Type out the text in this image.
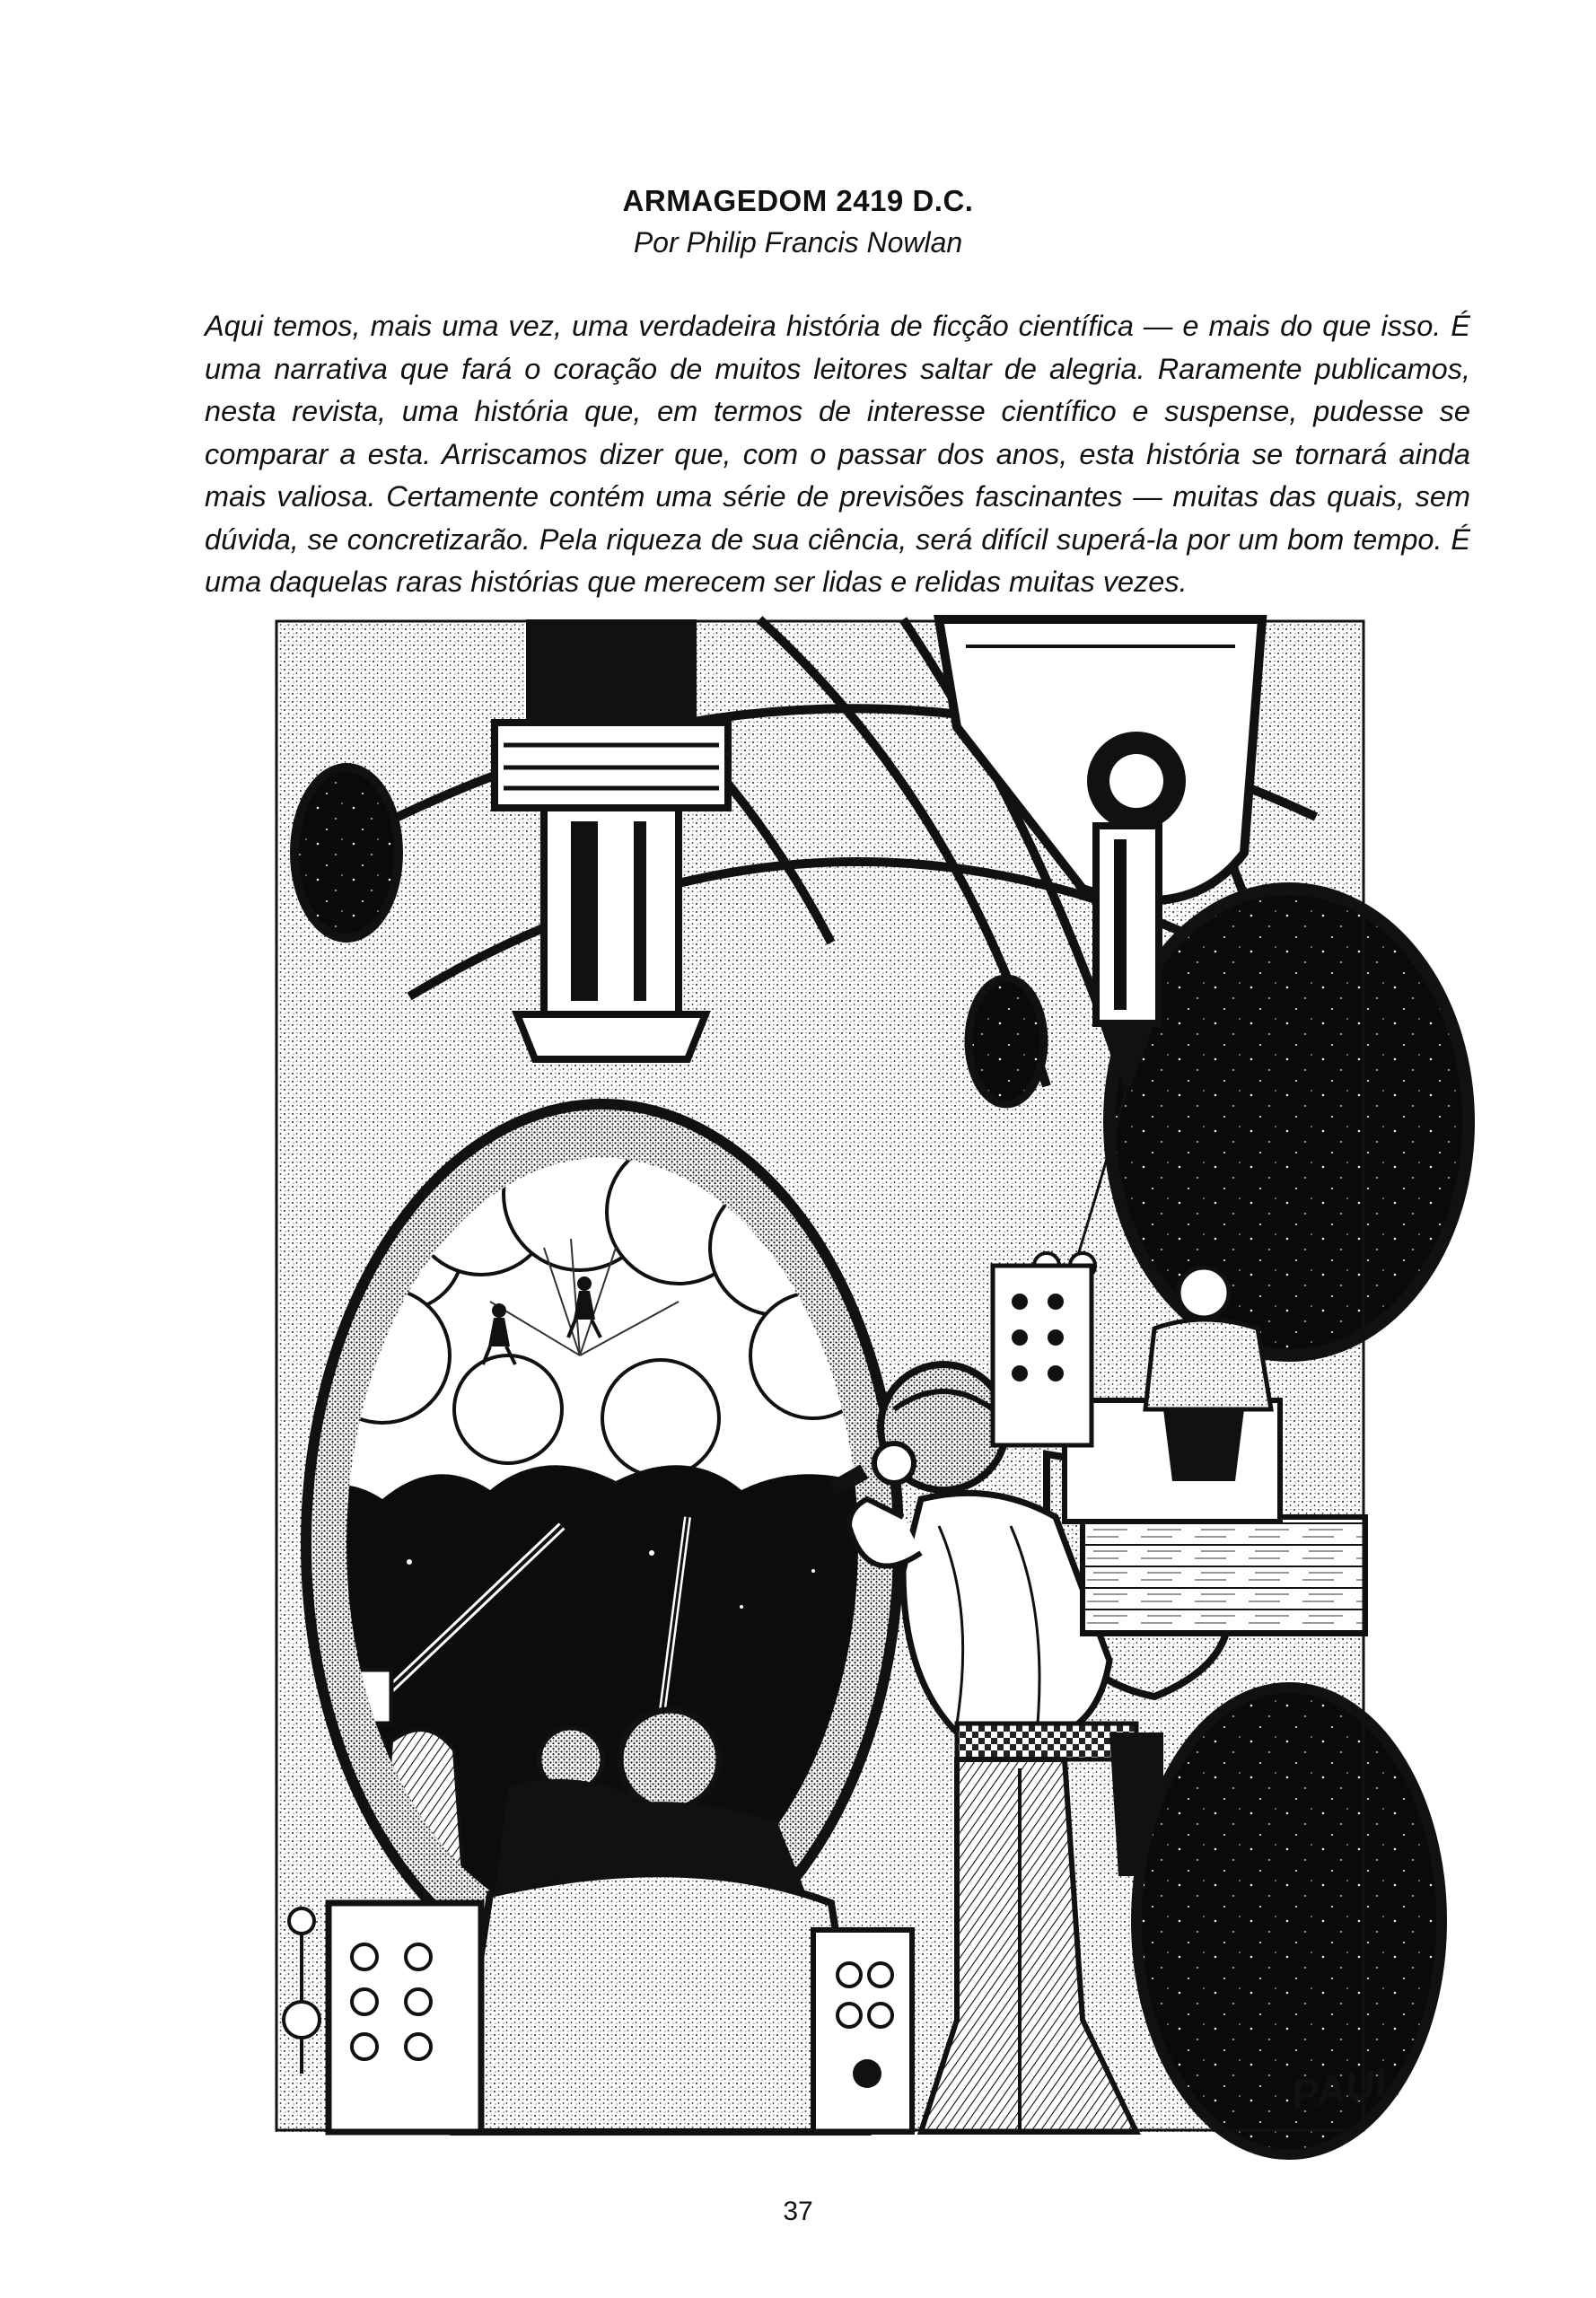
ARMAGEDOM 2419 D.C.
Por Philip Francis Nowlan

Aqui temos, mais uma vez, uma verdadeira história de ficção científica — e mais do que isso. É uma narrativa que fará o coração de muitos leitores saltar de alegria. Raramente publicamos, nesta revista, uma história que, em termos de interesse científico e suspense, pudesse se comparar a esta. Arriscamos dizer que, com o passar dos anos, esta história se tornará ainda mais valiosa. Certamente contém uma série de previsões fascinantes — muitas das quais, sem dúvida, se concretizarão. Pela riqueza de sua ciência, será difícil superá-la por um bom tempo. É uma daquelas raras histórias que merecem ser lidas e relidas muitas vezes.

PAUL
37
